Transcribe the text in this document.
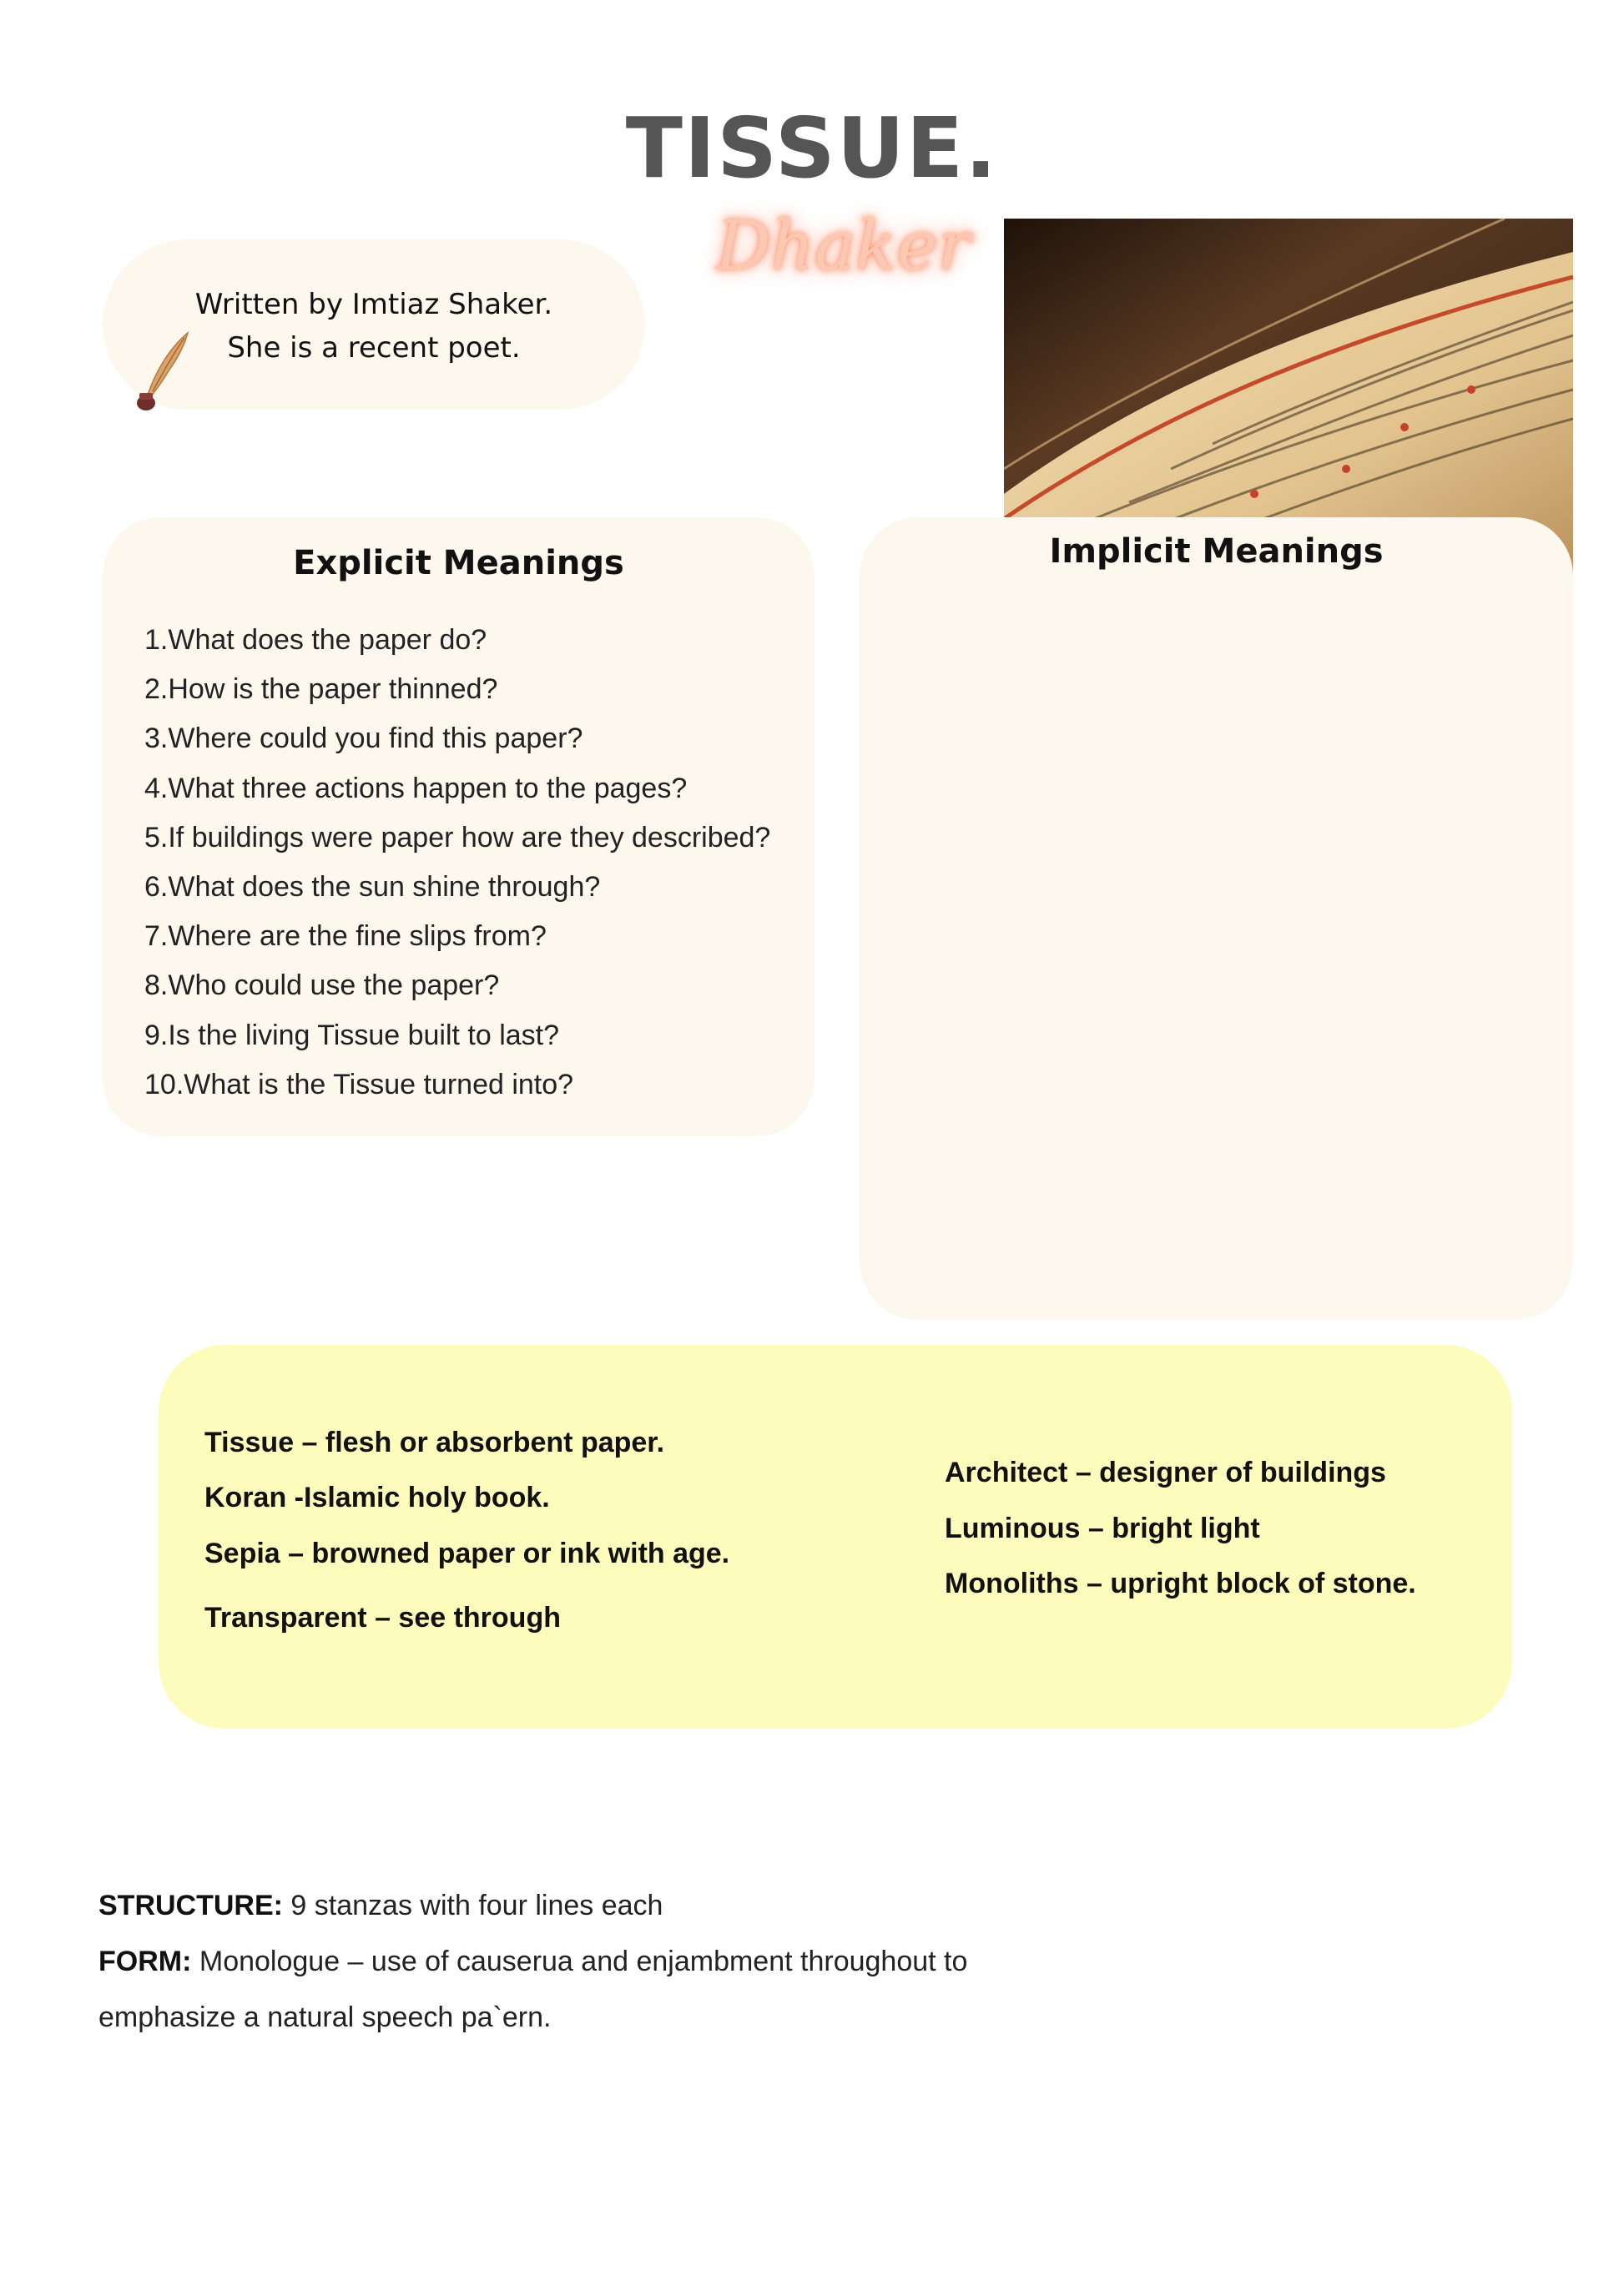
TISSUE.
Dhaker
Written by Imtiaz Shaker.
She is a recent poet.
Explicit Meanings
1.What does the paper do?
2.How is the paper thinned?
3.Where could you find this paper?
4.What three actions happen to the pages?
5.If buildings were paper how are they described?
6.What does the sun shine through?
7.Where are the fine slips from?
8.Who could use the paper?
9.Is the living Tissue built to last?
10.What is the Tissue turned into?
Implicit Meanings
Tissue – flesh or absorbent paper.
Koran -Islamic holy book.
Sepia – browned paper or ink with age.
Transparent – see through
Architect – designer of buildings
Luminous – bright light
Monoliths – upright block of stone.
STRUCTURE: 9 stanzas with four lines each
FORM: Monologue – use of causerua and enjambment throughout to
emphasize a natural speech pa`ern.
